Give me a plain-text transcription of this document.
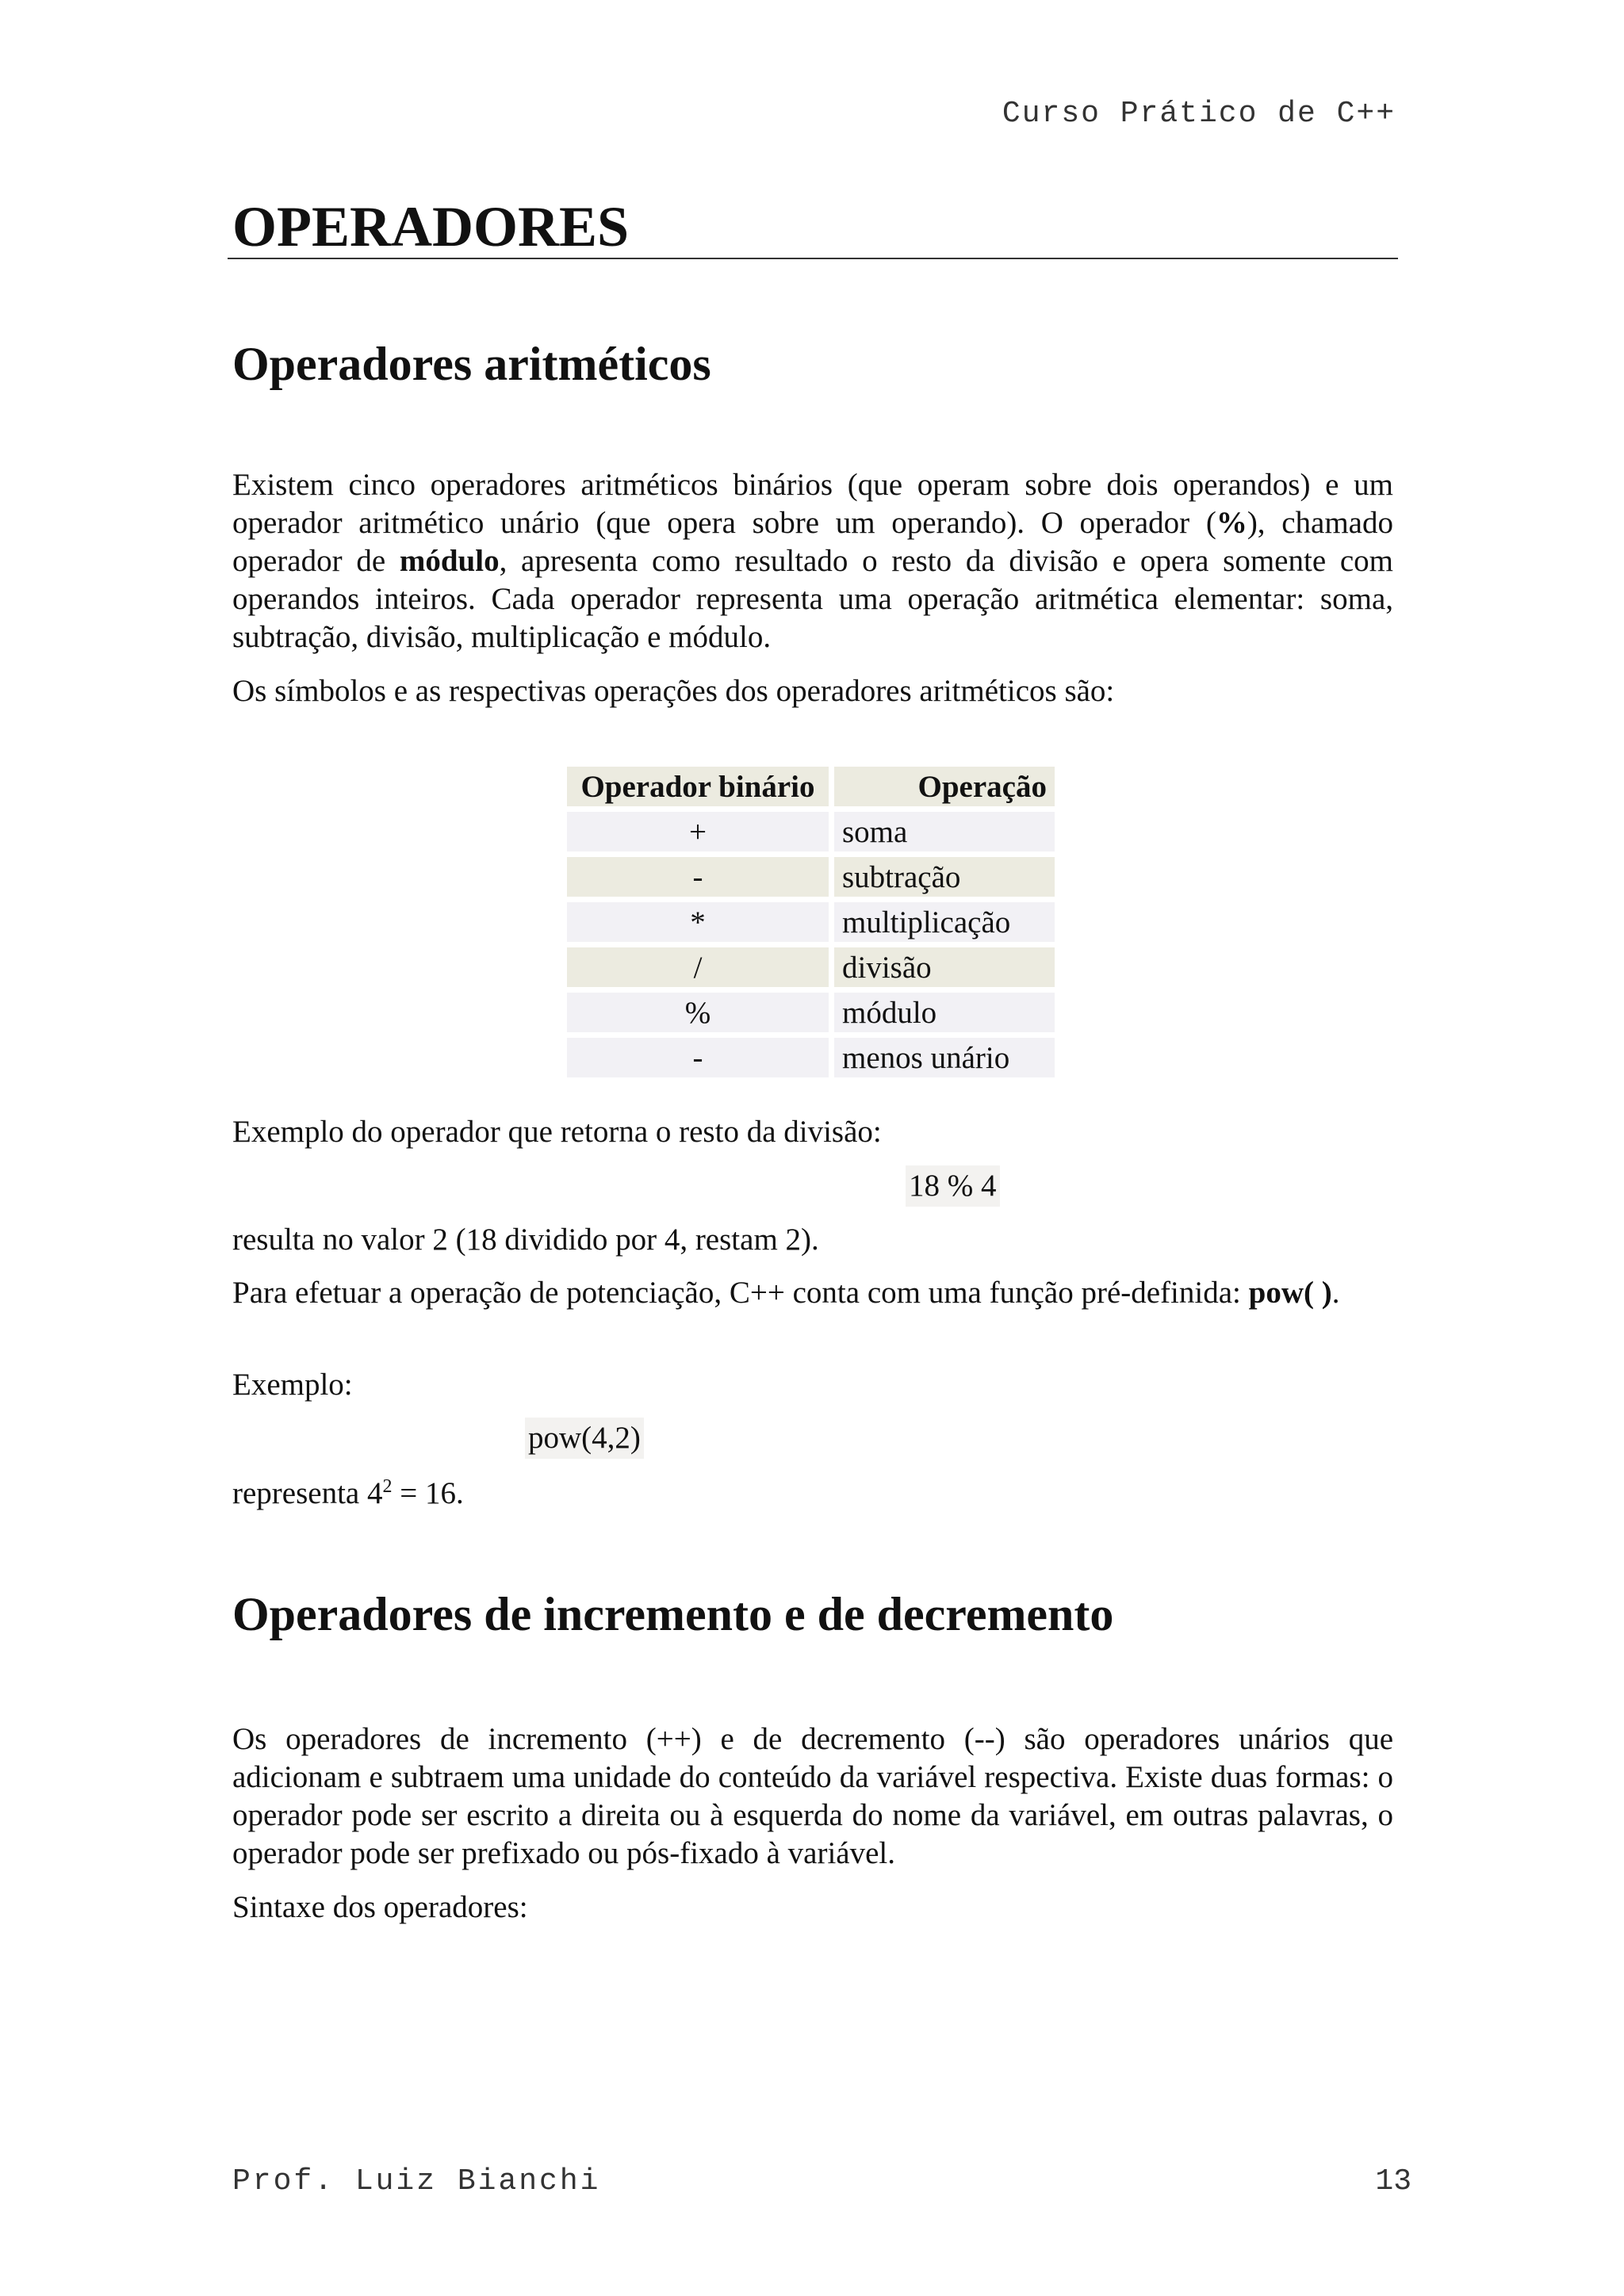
Curso Prático de C++
OPERADORES
Operadores aritméticos

Existem cinco operadores aritméticos binários (que operam sobre dois operandos) e um operador aritmético unário (que opera sobre um operando). O operador (%), chamado operador de módulo, apresenta como resultado o resto da divisão e opera somente com operandos inteiros. Cada operador representa uma operação aritmética elementar: soma, subtração, divisão, multiplicação e módulo.

Os símbolos e as respectivas operações dos operadores aritméticos são:

Operador binário	Operação
+	soma
-	subtração
*	multiplicação
/	divisão
%	módulo
-	menos unário

Exemplo do operador que retorna o resto da divisão:

18 % 4

resulta no valor 2 (18 dividido por 4, restam 2).

Para efetuar a operação de potenciação, C++ conta com uma função pré-definida: pow( ).

Exemplo:

pow(4,2)

representa $4^2 = 16$.

Operadores de incremento e de decremento

Os operadores de incremento (++) e de decremento (--) são operadores unários que adicionam e subtraem uma unidade do conteúdo da variável respectiva. Existe duas formas: o operador pode ser escrito a direita ou à esquerda do nome da variável, em outras palavras, o operador pode ser prefixado ou pós-fixado à variável.

Sintaxe dos operadores:

Prof. Luiz Bianchi	13
